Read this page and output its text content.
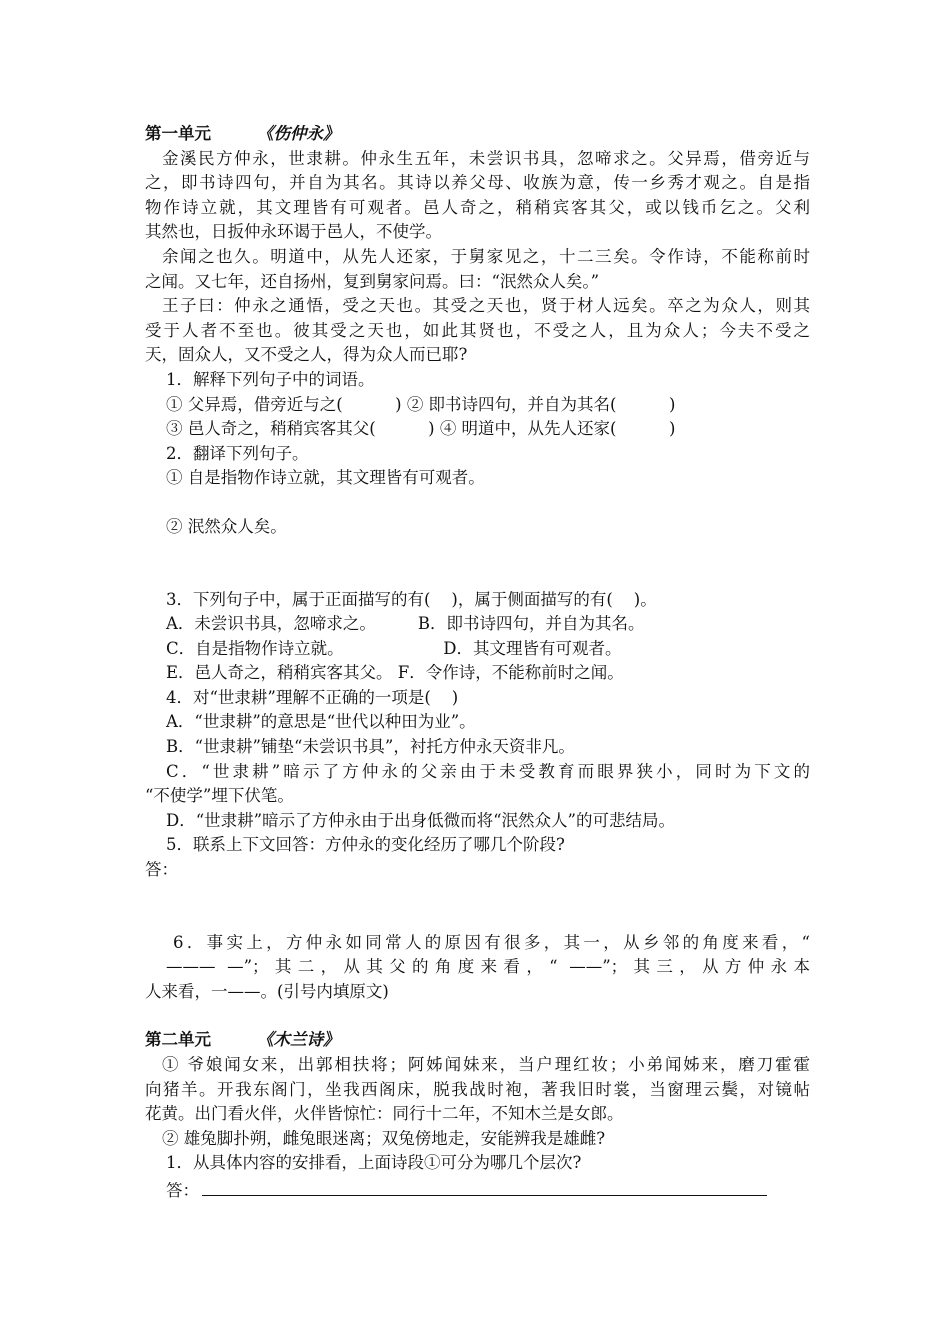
第一单元	《伤仲永》
金溪民方仲永，世隶耕。仲永生五年，未尝识书具，忽啼求之。父异焉，借旁近与
之，即书诗四句，并自为其名。其诗以养父母、收族为意，传一乡秀才观之。自是指
物作诗立就，其文理皆有可观者。邑人奇之，稍稍宾客其父，或以钱币乞之。父利
其然也，日扳仲永环谒于邑人，不使学。
余闻之也久。明道中，从先人还家，于舅家见之，十二三矣。令作诗，不能称前时
之闻。又七年，还自扬州，复到舅家问焉。曰：“泯然众人矣。”
王子曰：仲永之通悟，受之天也。其受之天也，贤于材人远矣。卒之为众人，则其
受于人者不至也。彼其受之天也，如此其贤也，不受之人，且为众人；今夫不受之
天，固众人，又不受之人，得为众人而已耶?
1．解释下列句子中的词语。
① 父异焉，借旁近与之(          ) ② 即书诗四句，并自为其名(          )
③ 邑人奇之，稍稍宾客其父(          ) ④ 明道中，从先人还家(          )
2．翻译下列句子。
① 自是指物作诗立就，其文理皆有可观者。
② 泯然众人矣。
3．下列句子中，属于正面描写的有(    )，属于侧面描写的有(    )。
A．未尝识书具，忽啼求之。        B．即书诗四句，并自为其名。
C．自是指物作诗立就。                   D．其文理皆有可观者。
E．邑人奇之，稍稍宾客其父。 F．令作诗，不能称前时之闻。
4．对“世隶耕”理解不正确的一项是(    )
A．“世隶耕”的意思是“世代以种田为业”。
B．“世隶耕”铺垫“未尝识书具”，衬托方仲永天资非凡。
C．“世隶耕”暗示了方仲永的父亲由于未受教育而眼界狭小，同时为下文的
“不使学”埋下伏笔。
D．“世隶耕”暗示了方仲永由于出身低微而将“泯然众人”的可悲结局。
5．联系上下文回答：方仲永的变化经历了哪几个阶段?
答：
6．事实上，方仲永如同常人的原因有很多，其一，从乡邻的角度来看，“
——— —”；其二，从其父的角度来看，“ ——”；其三，从方仲永本
人来看，一——。(引号内填原文)
第二单元	《木兰诗》
① 爷娘闻女来，出郭相扶将；阿姊闻妹来，当户理红妆；小弟闻姊来，磨刀霍霍
向猪羊。开我东阁门，坐我西阁床，脱我战时袍，著我旧时裳，当窗理云鬓，对镜帖
花黄。出门看火伴，火伴皆惊忙：同行十二年，不知木兰是女郎。
② 雄兔脚扑朔，雌兔眼迷离；双兔傍地走，安能辨我是雄雌?
1．从具体内容的安排看，上面诗段①可分为哪几个层次?
答：
